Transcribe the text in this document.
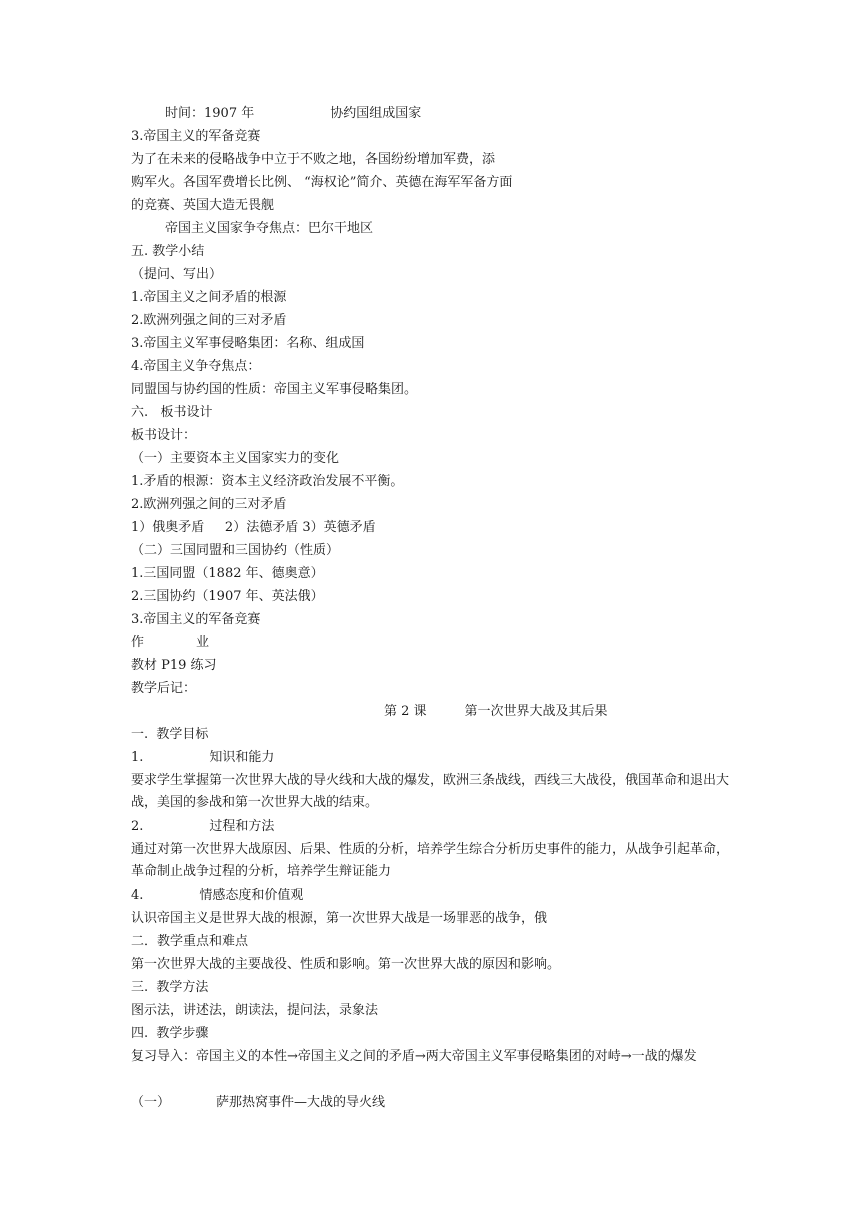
时间：1907 年	协约国组成国家
3.帝国主义的军备竞赛
为了在未来的侵略战争中立于不败之地，各国纷纷增加军费，添
购军火。各国军费增长比例、 “海权论”简介、英德在海军军备方面
的竞赛、英国大造无畏舰
帝国主义国家争夺焦点：巴尔干地区
五. 教学小结
（提问、写出）
1.帝国主义之间矛盾的根源
2.欧洲列强之间的三对矛盾
3.帝国主义军事侵略集团：名称、组成国
4.帝国主义争夺焦点：
同盟国与协约国的性质：帝国主义军事侵略集团。
六.   板书设计
板书设计：
（一）主要资本主义国家实力的变化
1.矛盾的根源：资本主义经济政治发展不平衡。
2.欧洲列强之间的三对矛盾
1）俄奥矛盾     2）法德矛盾 3）英德矛盾
（二）三国同盟和三国协约（性质）
1.三国同盟（1882 年、德奥意）
2.三国协约（1907 年、英法俄）
3.帝国主义的军备竞赛
作	业
教材 P19 练习
教学后记：
第 2 课	第一次世界大战及其后果
一.  教学目标
1.	知识和能力
要求学生掌握第一次世界大战的导火线和大战的爆发，欧洲三条战线，西线三大战役，俄国革命和退出大战，美国的参战和第一次世界大战的结束。
2.	过程和方法
通过对第一次世界大战原因、后果、性质的分析，培养学生综合分析历史事件的能力，从战争引起革命，革命制止战争过程的分析，培养学生辩证能力
4.	情感态度和价值观
认识帝国主义是世界大战的根源，第一次世界大战是一场罪恶的战争，俄
二．教学重点和难点
第一次世界大战的主要战役、性质和影响。第一次世界大战的原因和影响。
三.  教学方法
图示法，讲述法，朗读法，提问法，录象法
四.  教学步骤
复习导入：帝国主义的本性→帝国主义之间的矛盾→两大帝国主义军事侵略集团的对峙→一战的爆发
（一）	萨那热窝事件—大战的导火线
